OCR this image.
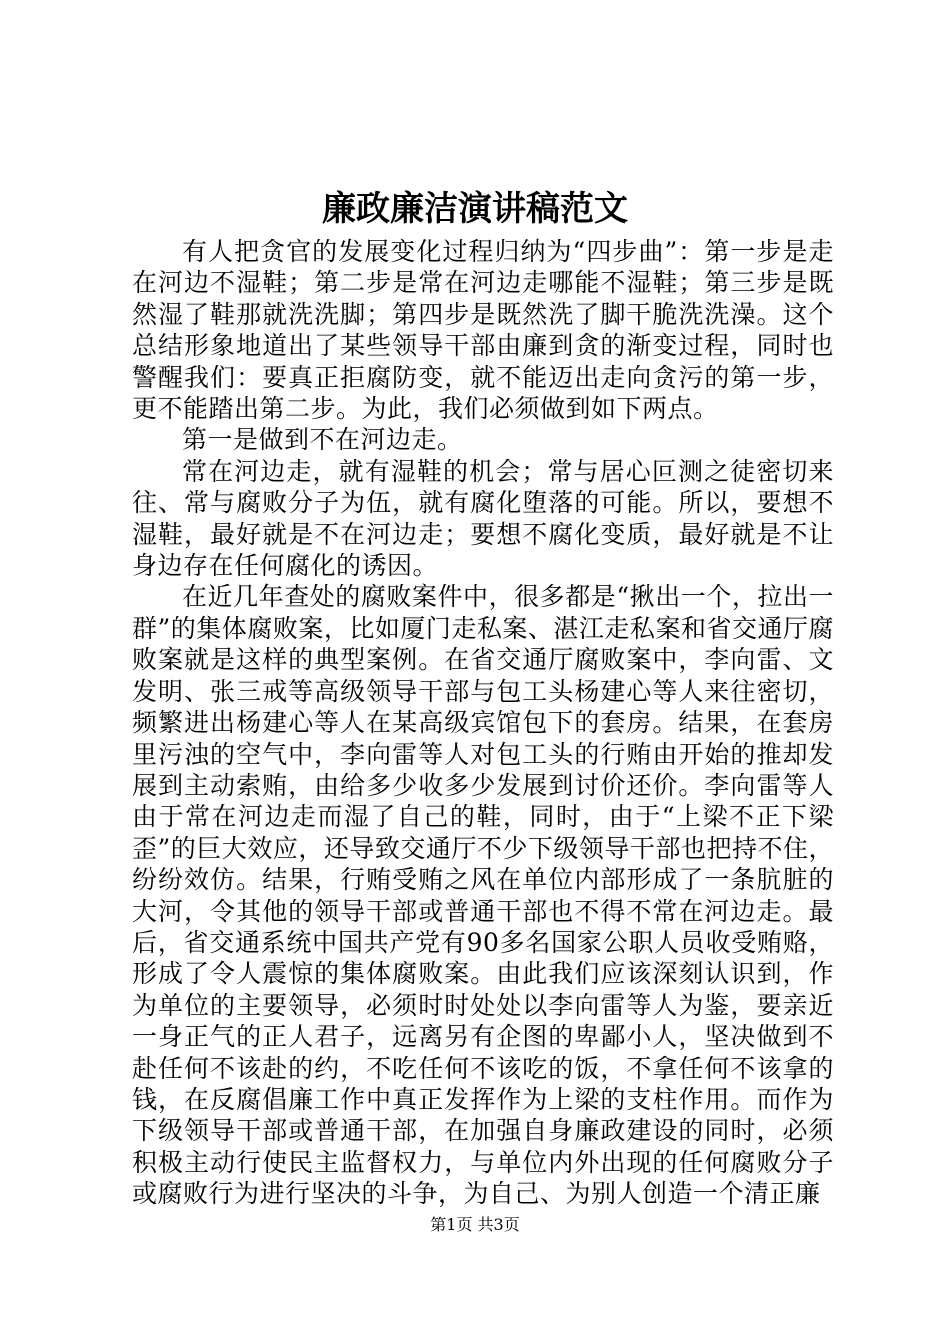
廉政廉洁演讲稿范文

有人把贪官的发展变化过程归纳为“四步曲”：第一步是走在河边不湿鞋；第二步是常在河边走哪能不湿鞋；第三步是既然湿了鞋那就洗洗脚；第四步是既然洗了脚干脆洗洗澡。这个总结形象地道出了某些领导干部由廉到贪的渐变过程，同时也警醒我们：要真正拒腐防变，就不能迈出走向贪污的第一步，更不能踏出第二步。为此，我们必须做到如下两点。

第一是做到不在河边走。

常在河边走，就有湿鞋的机会；常与居心叵测之徒密切来往、常与腐败分子为伍，就有腐化堕落的可能。所以，要想不湿鞋，最好就是不在河边走；要想不腐化变质，最好就是不让身边存在任何腐化的诱因。

在近几年查处的腐败案件中，很多都是“揪出一个，拉出一群”的集体腐败案，比如厦门走私案、湛江走私案和省交通厅腐败案就是这样的典型案例。在省交通厅腐败案中，李向雷、文发明、张三戒等高级领导干部与包工头杨建心等人来往密切，频繁进出杨建心等人在某高级宾馆包下的套房。结果，在套房里污浊的空气中，李向雷等人对包工头的行贿由开始的推却发展到主动索贿，由给多少收多少发展到讨价还价。李向雷等人由于常在河边走而湿了自己的鞋，同时，由于“上梁不正下梁歪”的巨大效应，还导致交通厅不少下级领导干部也把持不住，纷纷效仿。结果，行贿受贿之风在单位内部形成了一条肮脏的大河，令其他的领导干部或普通干部也不得不常在河边走。最后，省交通系统中国共产党有90多名国家公职人员收受贿赂，形成了令人震惊的集体腐败案。由此我们应该深刻认识到，作为单位的主要领导，必须时时处处以李向雷等人为鉴，要亲近一身正气的正人君子，远离另有企图的卑鄙小人，坚决做到不赴任何不该赴的约，不吃任何不该吃的饭，不拿任何不该拿的钱，在反腐倡廉工作中真正发挥作为上梁的支柱作用。而作为下级领导干部或普通干部，在加强自身廉政建设的同时，必须积极主动行使民主监督权力，与单位内外出现的任何腐败分子或腐败行为进行坚决的斗争，为自己、为别人创造一个清正廉

第1页 共3页
